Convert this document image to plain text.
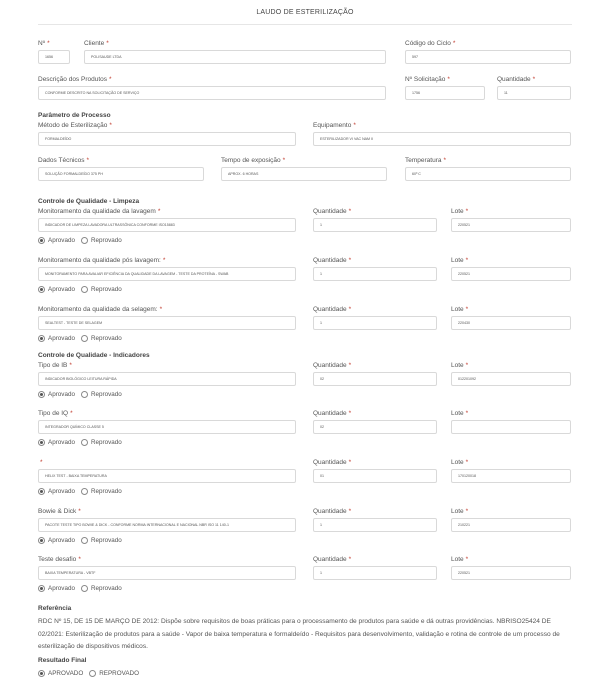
LAUDO DE ESTERILIZAÇÃO
Nº *
1656
Cliente *
POLISAUDE LTDA
Código do Ciclo *
597
Descrição dos Produtos *
CONFORME DESCRITO NA SOLICITAÇÃO DE SERVIÇO
Nº Solicitação *
1756
Quantidade *
11
Parâmetro de Processo
Método de Esterilização *
FORMALDEÍDO
Equipamento *
ESTERILIZADOR VI VAC NAM II
Dados Técnicos *
SOLUÇÃO FORMALDEÍDO 375 PH
Tempo de exposição *
APROX. 6 HORAS
Temperatura *
60º C
Controle de Qualidade - Limpeza
Monitoramento da qualidade da lavagem *
INDICADOR DE LIMPEZA LAVADORA ULTRASSÔNICA CONFORME ISO15883
Quantidade *
1
Lote *
220521
Aprovado	Reprovado
Monitoramento da qualidade pós lavagem: *
MONITORAMENTO PARA AVALIAR EFICIÊNCIA DA QUALIDADE DA LAVAGEM - TESTE DA PROTEÍNA - SWAB
Quantidade *
1
Lote *
220521
Aprovado	Reprovado
Monitoramento da qualidade da selagem: *
SEALTEST - TESTE DE SELAGEM
Quantidade *
1
Lote *
220430
Aprovado	Reprovado
Controle de Qualidade - Indicadores
Tipo de IB *
INDICADOR BIOLÓGICO LEITURA RÁPIDA
Quantidade *
02
Lote *
012201092
Aprovado	Reprovado
Tipo de IQ *
INTEGRADOR QUÍMICO CLASSE 5
Quantidade *
02
Lote *
Aprovado	Reprovado
*
HELIX TEST - BAIXA TEMPERATURA
Quantidade *
01
Lote *
170120018
Aprovado	Reprovado
Bowie & Dick *
PACOTE TESTE TIPO BOWIE & DICK - CONFORME NORMA INTERNACIONAL E NACIONAL NBR ISO 11 140-1
Quantidade *
1
Lote *
210221
Aprovado	Reprovado
Teste desafio *
BAIXA TEMPERATURA - VBTF
Quantidade *
1
Lote *
220521
Aprovado	Reprovado
Referência
RDC Nº 15, DE 15 DE MARÇO DE 2012: Dispõe sobre requisitos de boas práticas para o processamento de produtos para saúde e dá outras providências. NBRISO25424 DE 02/2021: Esterilização de produtos para a saúde - Vapor de baixa temperatura e formaldeído - Requisitos para desenvolvimento, validação e rotina de controle de um processo de esterilização de dispositivos médicos.
Resultado Final
APROVADO	REPROVADO
